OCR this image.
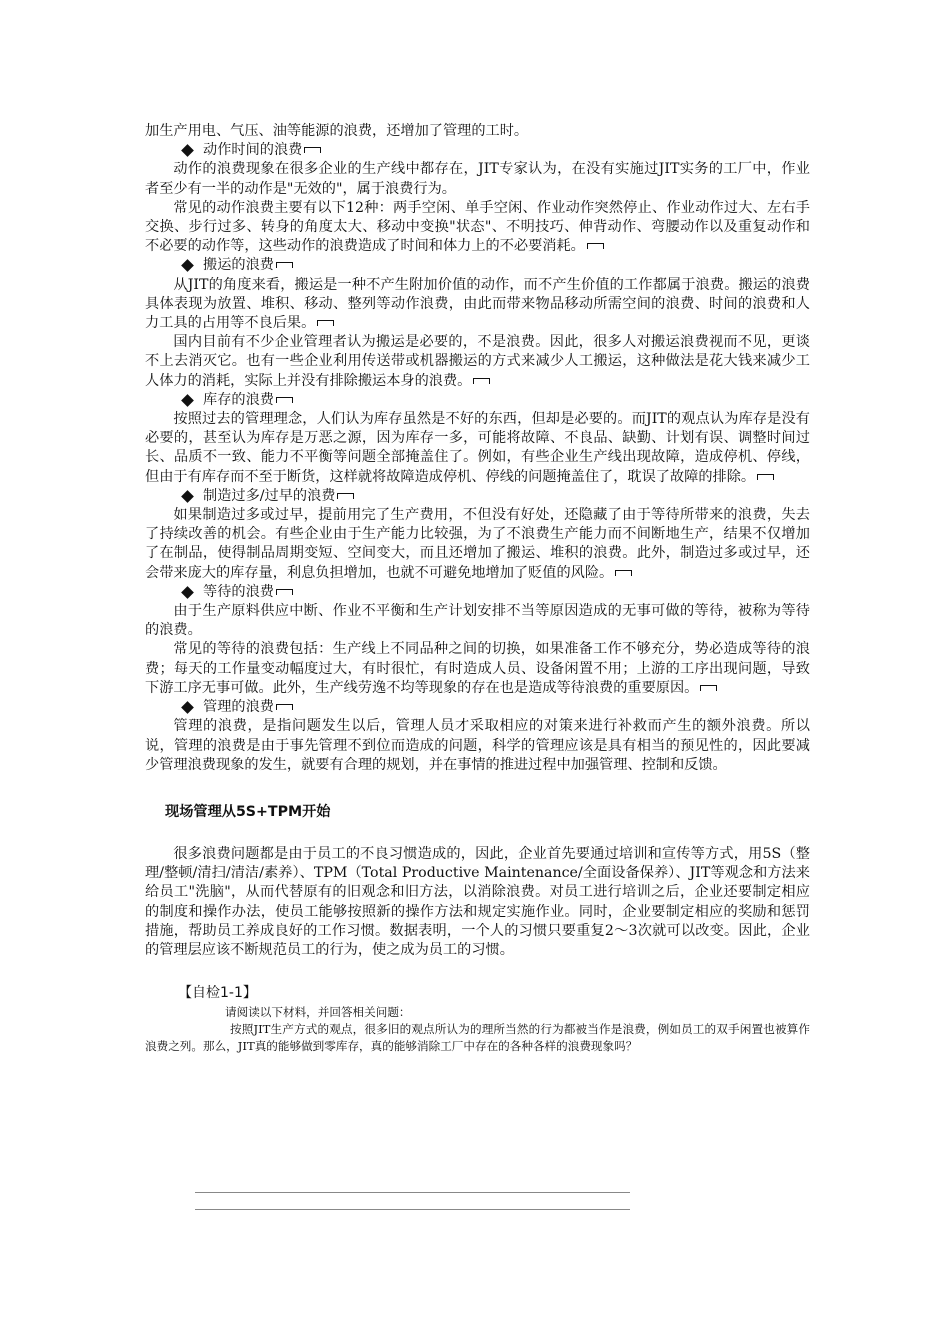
加生产用电、气压、油等能源的浪费，还增加了管理的工时。

动作时间的浪费

动作的浪费现象在很多企业的生产线中都存在，JIT专家认为，在没有实施过JIT实务的工厂中，作业者至少有一半的动作是"无效的"，属于浪费行为。

常见的动作浪费主要有以下12种：两手空闲、单手空闲、作业动作突然停止、作业动作过大、左右手交换、步行过多、转身的角度太大、移动中变换"状态"、不明技巧、伸背动作、弯腰动作以及重复动作和不必要的动作等，这些动作的浪费造成了时间和体力上的不必要消耗。

搬运的浪费

从JIT的角度来看，搬运是一种不产生附加价值的动作，而不产生价值的工作都属于浪费。搬运的浪费具体表现为放置、堆积、移动、整列等动作浪费，由此而带来物品移动所需空间的浪费、时间的浪费和人力工具的占用等不良后果。

国内目前有不少企业管理者认为搬运是必要的，不是浪费。因此，很多人对搬运浪费视而不见，更谈不上去消灭它。也有一些企业利用传送带或机器搬运的方式来减少人工搬运，这种做法是花大钱来减少工人体力的消耗，实际上并没有排除搬运本身的浪费。

库存的浪费

按照过去的管理理念，人们认为库存虽然是不好的东西，但却是必要的。而JIT的观点认为库存是没有必要的，甚至认为库存是万恶之源，因为库存一多，可能将故障、不良品、缺勤、计划有误、调整时间过长、品质不一致、能力不平衡等问题全部掩盖住了。例如，有些企业生产线出现故障，造成停机、停线，但由于有库存而不至于断货，这样就将故障造成停机、停线的问题掩盖住了，耽误了故障的排除。

制造过多/过早的浪费

如果制造过多或过早，提前用完了生产费用，不但没有好处，还隐藏了由于等待所带来的浪费，失去了持续改善的机会。有些企业由于生产能力比较强，为了不浪费生产能力而不间断地生产，结果不仅增加了在制品，使得制品周期变短、空间变大，而且还增加了搬运、堆积的浪费。此外，制造过多或过早，还会带来庞大的库存量，利息负担增加，也就不可避免地增加了贬值的风险。

等待的浪费

由于生产原料供应中断、作业不平衡和生产计划安排不当等原因造成的无事可做的等待，被称为等待的浪费。

常见的等待的浪费包括：生产线上不同品种之间的切换，如果准备工作不够充分，势必造成等待的浪费；每天的工作量变动幅度过大，有时很忙，有时造成人员、设备闲置不用；上游的工序出现问题，导致下游工序无事可做。此外，生产线劳逸不均等现象的存在也是造成等待浪费的重要原因。

管理的浪费

管理的浪费，是指问题发生以后，管理人员才采取相应的对策来进行补救而产生的额外浪费。所以说，管理的浪费是由于事先管理不到位而造成的问题，科学的管理应该是具有相当的预见性的，因此要减少管理浪费现象的发生，就要有合理的规划，并在事情的推进过程中加强管理、控制和反馈。

现场管理从5S+TPM开始

很多浪费问题都是由于员工的不良习惯造成的，因此，企业首先要通过培训和宣传等方式，用5S（整理/整顿/清扫/清洁/素养）、TPM（Total Productive Maintenance/全面设备保养）、JIT等观念和方法来给员工"洗脑"，从而代替原有的旧观念和旧方法，以消除浪费。对员工进行培训之后，企业还要制定相应的制度和操作办法，使员工能够按照新的操作方法和规定实施作业。同时，企业要制定相应的奖励和惩罚措施，帮助员工养成良好的工作习惯。数据表明，一个人的习惯只要重复2～3次就可以改变。因此，企业的管理层应该不断规范员工的行为，使之成为员工的习惯。

【自检1-1】
请阅读以下材料，并回答相关问题：
按照JIT生产方式的观点，很多旧的观点所认为的理所当然的行为都被当作是浪费，例如员工的双手闲置也被算作浪费之列。那么，JIT真的能够做到零库存，真的能够消除工厂中存在的各种各样的浪费现象吗？
